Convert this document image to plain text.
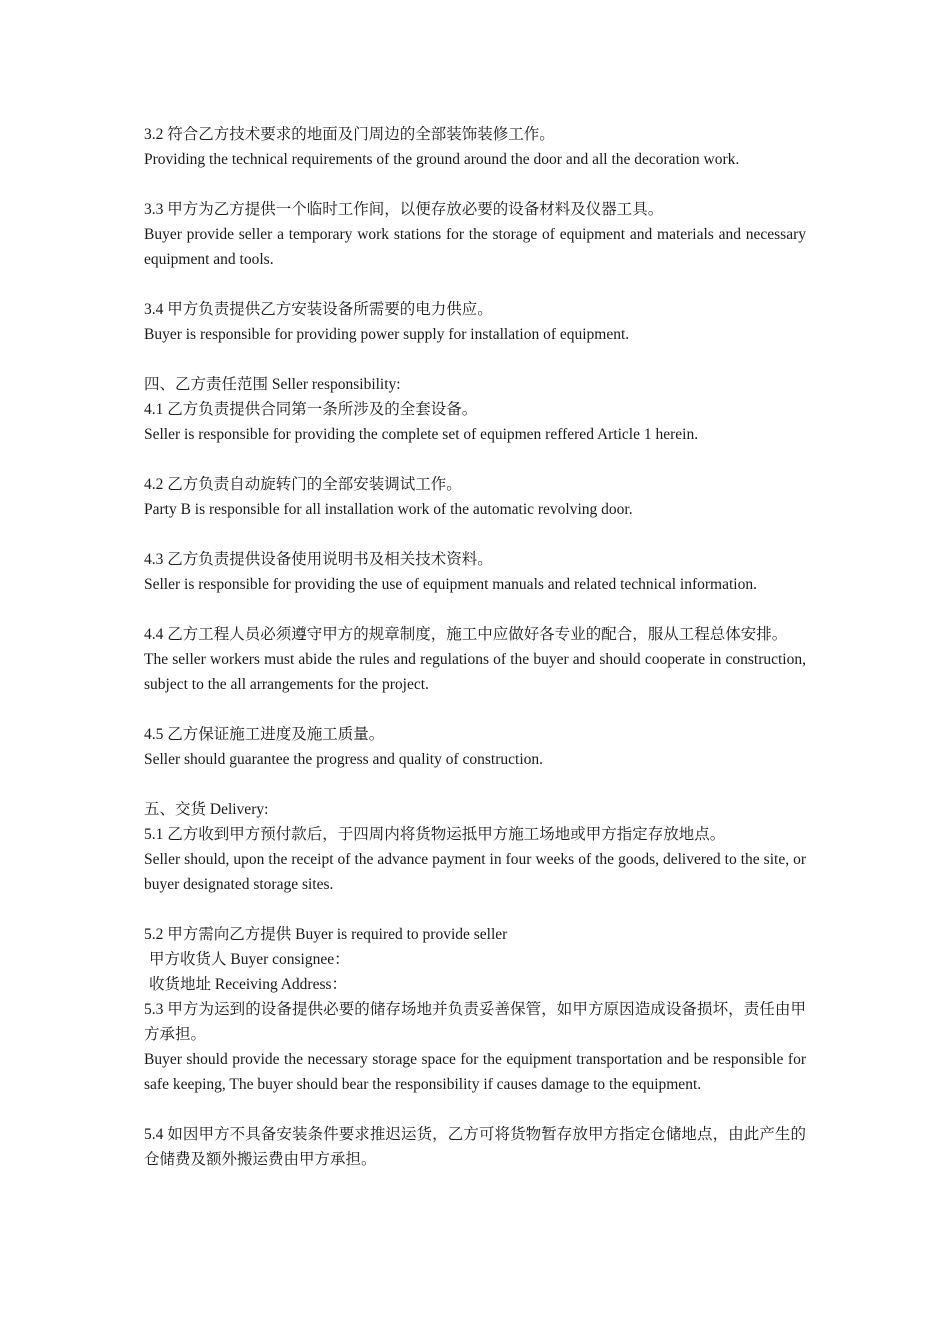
3.2 符合乙方技术要求的地面及门周边的全部装饰装修工作。

Providing the technical requirements of the ground around the door and all the decoration work.

3.3 甲方为乙方提供一个临时工作间，以便存放必要的设备材料及仪器工具。

Buyer provide seller a temporary work stations for the storage of equipment and materials and necessary equipment and tools.

3.4 甲方负责提供乙方安装设备所需要的电力供应。

Buyer is responsible for providing power supply for installation of equipment.

四、乙方责任范围 Seller responsibility:

4.1 乙方负责提供合同第一条所涉及的全套设备。

Seller is responsible for providing the complete set of equipmen reffered Article 1 herein.

4.2 乙方负责自动旋转门的全部安装调试工作。

Party B is responsible for all installation work of the automatic revolving door.

4.3 乙方负责提供设备使用说明书及相关技术资料。

Seller is responsible for providing the use of equipment manuals and related technical information.

4.4 乙方工程人员必须遵守甲方的规章制度，施工中应做好各专业的配合，服从工程总体安排。

The seller workers must abide the rules and regulations of the buyer and should cooperate in construction, subject to the all arrangements for the project.

4.5 乙方保证施工进度及施工质量。

Seller should guarantee the progress and quality of construction.

五、交货 Delivery:

5.1 乙方收到甲方预付款后，于四周内将货物运抵甲方施工场地或甲方指定存放地点。

Seller should, upon the receipt of the advance payment in four weeks of the goods, delivered to the site, or buyer designated storage sites.

5.2 甲方需向乙方提供 Buyer is required to provide seller

甲方收货人 Buyer consignee：

收货地址 Receiving Address：

5.3 甲方为运到的设备提供必要的储存场地并负责妥善保管，如甲方原因造成设备损坏，责任由甲方承担。

Buyer should provide the necessary storage space for the equipment transportation and be responsible for safe keeping, The buyer should bear the responsibility if causes damage to the equipment.

5.4 如因甲方不具备安装条件要求推迟运货，乙方可将货物暂存放甲方指定仓储地点，由此产生的仓储费及额外搬运费由甲方承担。
